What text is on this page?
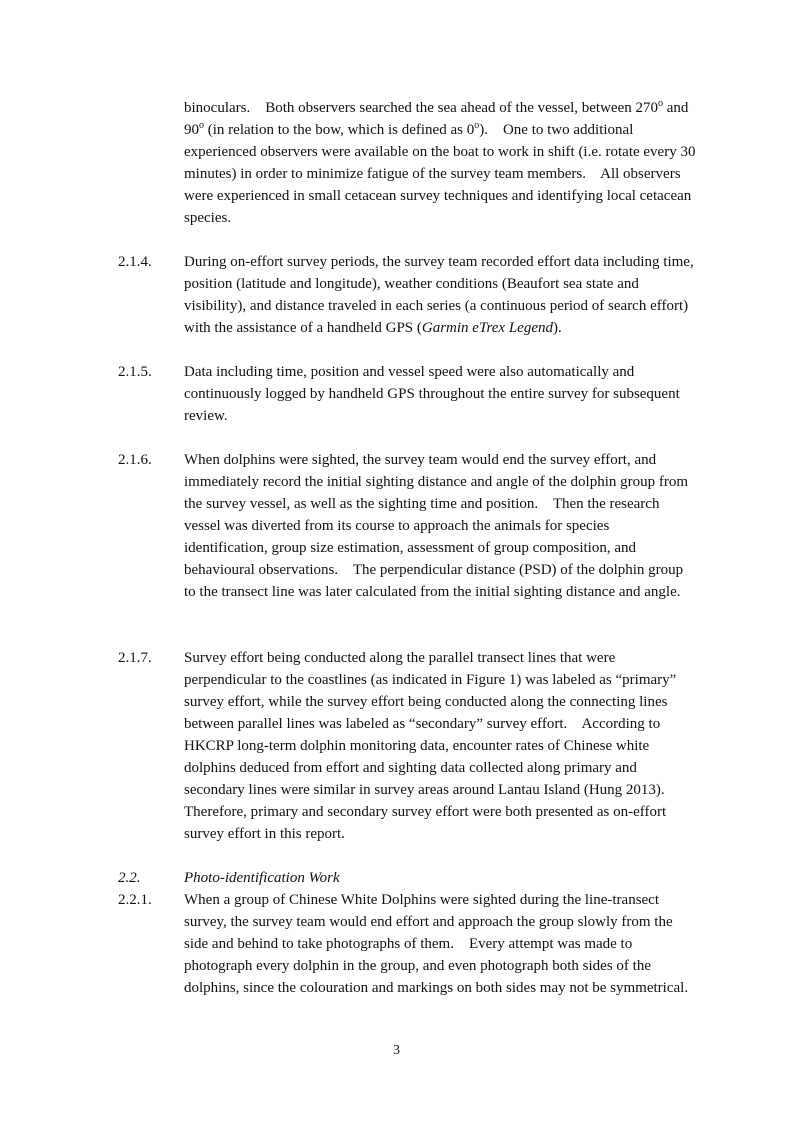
binoculars.    Both observers searched the sea ahead of the vessel, between 270$^o$ and 90$^o$ (in relation to the bow, which is defined as 0$^o$).    One to two additional experienced observers were available on the boat to work in shift (i.e. rotate every 30 minutes) in order to minimize fatigue of the survey team members.    All observers were experienced in small cetacean survey techniques and identifying local cetacean species.
2.1.4.	During on-effort survey periods, the survey team recorded effort data including time, position (latitude and longitude), weather conditions (Beaufort sea state and visibility), and distance traveled in each series (a continuous period of search effort) with the assistance of a handheld GPS (Garmin eTrex Legend).
2.1.5.	Data including time, position and vessel speed were also automatically and continuously logged by handheld GPS throughout the entire survey for subsequent review.
2.1.6.	When dolphins were sighted, the survey team would end the survey effort, and immediately record the initial sighting distance and angle of the dolphin group from the survey vessel, as well as the sighting time and position.    Then the research vessel was diverted from its course to approach the animals for species identification, group size estimation, assessment of group composition, and behavioural observations.    The perpendicular distance (PSD) of the dolphin group to the transect line was later calculated from the initial sighting distance and angle.
2.1.7.	Survey effort being conducted along the parallel transect lines that were perpendicular to the coastlines (as indicated in Figure 1) was labeled as “primary” survey effort, while the survey effort being conducted along the connecting lines between parallel lines was labeled as “secondary” survey effort.    According to HKCRP long-term dolphin monitoring data, encounter rates of Chinese white dolphins deduced from effort and sighting data collected along primary and secondary lines were similar in survey areas around Lantau Island (Hung 2013).    Therefore, primary and secondary survey effort were both presented as on-effort survey effort in this report.
2.2.	Photo-identification Work
2.2.1.	When a group of Chinese White Dolphins were sighted during the line-transect survey, the survey team would end effort and approach the group slowly from the side and behind to take photographs of them.    Every attempt was made to photograph every dolphin in the group, and even photograph both sides of the dolphins, since the colouration and markings on both sides may not be symmetrical.
3
